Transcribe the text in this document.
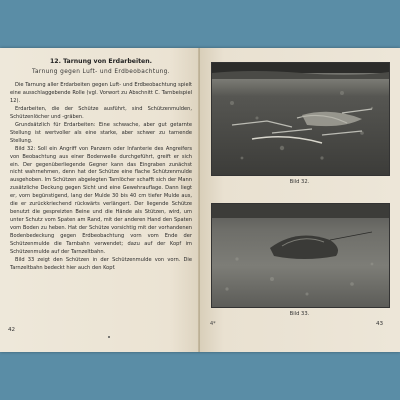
12. Tarnung von Erdarbeiten.
Tarnung gegen Luft- und Erdbeobachtung.

Die Tarnung aller Erdarbeiten gegen Luft- und Erdbeobachtung spielt eine ausschlaggebende Rolle (vgl. Vorwort zu Abschnitt C. Tarnbeispiel 12).

Erdarbeiten, die der Schütze ausführt, sind Schützenmulden, Schützenlöcher und -gräben.

Grundsätzlich für Erdarbeiten: Eine schwache, aber gut getarnte Stellung ist wertvoller als eine starke, aber schwer zu tarnende Stellung.

Bild 32: Soll ein Angriff von Panzern oder Infanterie des Angreifers von Beobachtung aus einer Bodenwelle durchgeführt, greift er sich ein. Der gegenüberliegende Gegner kann das Eingraben zunächst nicht wahrnehmen, denn hat der Schütze eine flache Schützenmulde ausgehoben. Im Schützen abgelegten Tarnlöcher schafft sich der Mann zusätzliche Deckung gegen Sicht und eine Gewehrauflage. Dann liegt er, vorn begünstigend, lang der Mulde 30 bis 40 cm tiefer Mulde aus, die er zurückkriechend rückwärts verlängert. Der liegende Schütze benutzt die gespreizten Beine und die Hände als Stützen, wird, um unter Schutz vom Spaten am Rand, mit der anderen Hand den Spaten vom Boden zu heben. Hat der Schütze vorsichtig mit der vorhandenen Bodenbedeckung gegen Erdbeobachtung vorn vom Ende der Schützenmulde die Tarnbahn verwendet; dazu auf der Kopf im Schützenmulde auf der Tarnzeltbahn.

Bild 33 zeigt den Schützen in der Schützenmulde von vorn. Die Tarnzeltbahn bedeckt hier auch den Kopf.

42
Bild 32.
Bild 33.
4*	43
